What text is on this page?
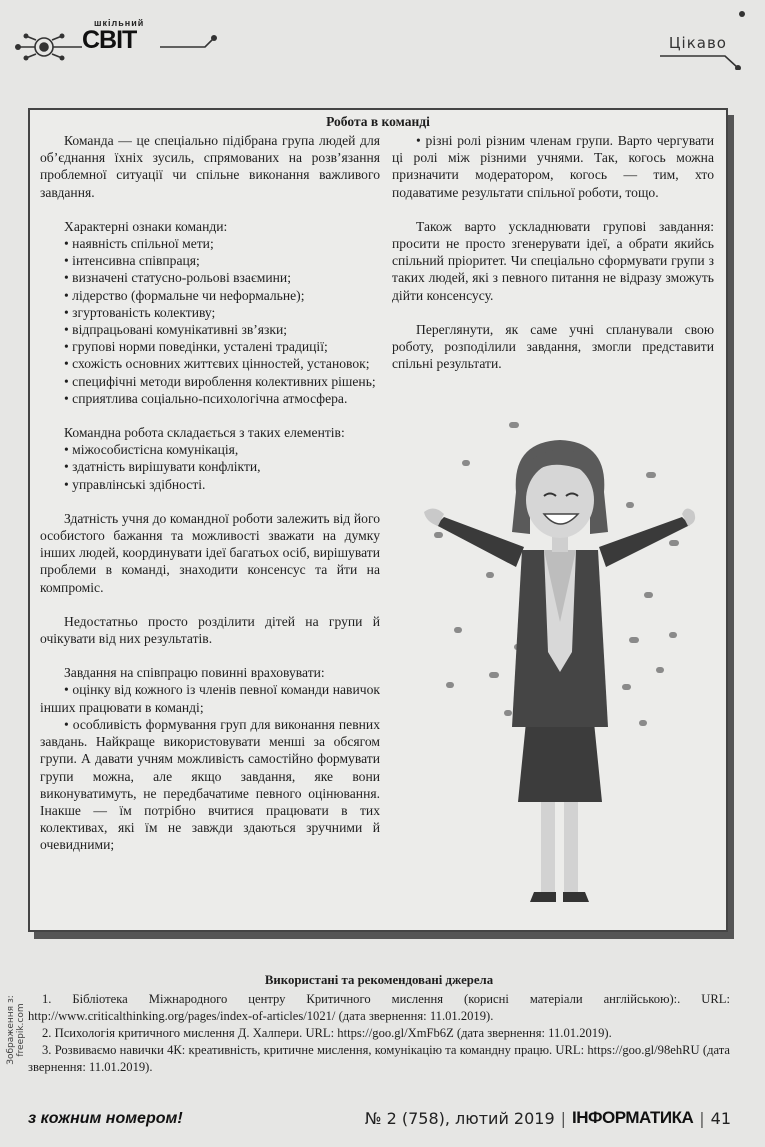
шкільний
СВІТ	Цікаво
Робота в команді

Команда — це спеціально підібрана група людей для об’єднання їхніх зусиль, спрямованих на розв’язання проблемної ситуації чи спільне виконання важливого завдання.

Характерні ознаки команди:

• наявність спільної мети;
• інтенсивна співпраця;
• визначені статусно-рольові взаємини;
• лідерство (формальне чи неформальне);
• згуртованість колективу;
• відпрацьовані комунікативні зв’язки;
• групові норми поведінки, усталені традиції;
• схожість основних життєвих цінностей, установок;
• специфічні методи вироблення колективних рішень;
• сприятлива соціально-психологічна атмосфера.

Командна робота складається з таких елементів:

• міжособистісна комунікація,
• здатність вирішувати конфлікти,
• управлінські здібності.

Здатність учня до командної роботи залежить від його особистого бажання та можливості зважати на думку інших людей, координувати ідеї багатьох осіб, вирішувати проблеми в команді, знаходити консенсус та йти на компроміс.

Недостатньо просто розділити дітей на групи й очікувати від них результатів.

Завдання на співпрацю повинні враховувати:

• оцінку від кожного із членів певної команди навичок інших працювати в команді;
• особливість формування груп для виконання певних завдань. Найкраще використовувати менші за обсягом групи. А давати учням можливість самостійно формувати групи можна, але якщо завдання, яке вони виконуватимуть, не передбачатиме певного оцінювання. Інакше — їм потрібно вчитися працювати в тих колективах, які їм не завжди здаються зручними й очевидними;
• різні ролі різним членам групи. Варто чергувати ці ролі між різними учнями. Так, когось можна призначити модератором, когось — тим, хто подаватиме результати спільної роботи, тощо.

Також варто ускладнювати групові завдання: просити не просто згенерувати ідеї, а обрати якийсь спільний пріоритет. Чи спеціально сформувати групи з таких людей, які з певного питання не відразу зможуть дійти консенсусу.

Переглянути, як саме учні спланували свою роботу, розподілили завдання, змогли представити спільні результати.

Використані та рекомендовані джерела
1. Бібліотека Міжнародного центру Критичного мислення (корисні матеріали англійською):. URL: http://www.criticalthinking.org/pages/index-of-articles/1021/ (дата звернення: 11.01.2019).
2. Психологія критичного мислення Д. Халпери. URL: https://goo.gl/XmFb6Z (дата звернення: 11.01.2019).
3. Розвиваємо навички 4К: креативність, критичне мислення, комунікацію та командну працю. URL: https://goo.gl/98ehRU (дата звернення: 11.01.2019).
Зображення з: freepik.com
з кожним номером!	№ 2 (758), лютий 2019 | ІНФОРМАТИКА | 41
